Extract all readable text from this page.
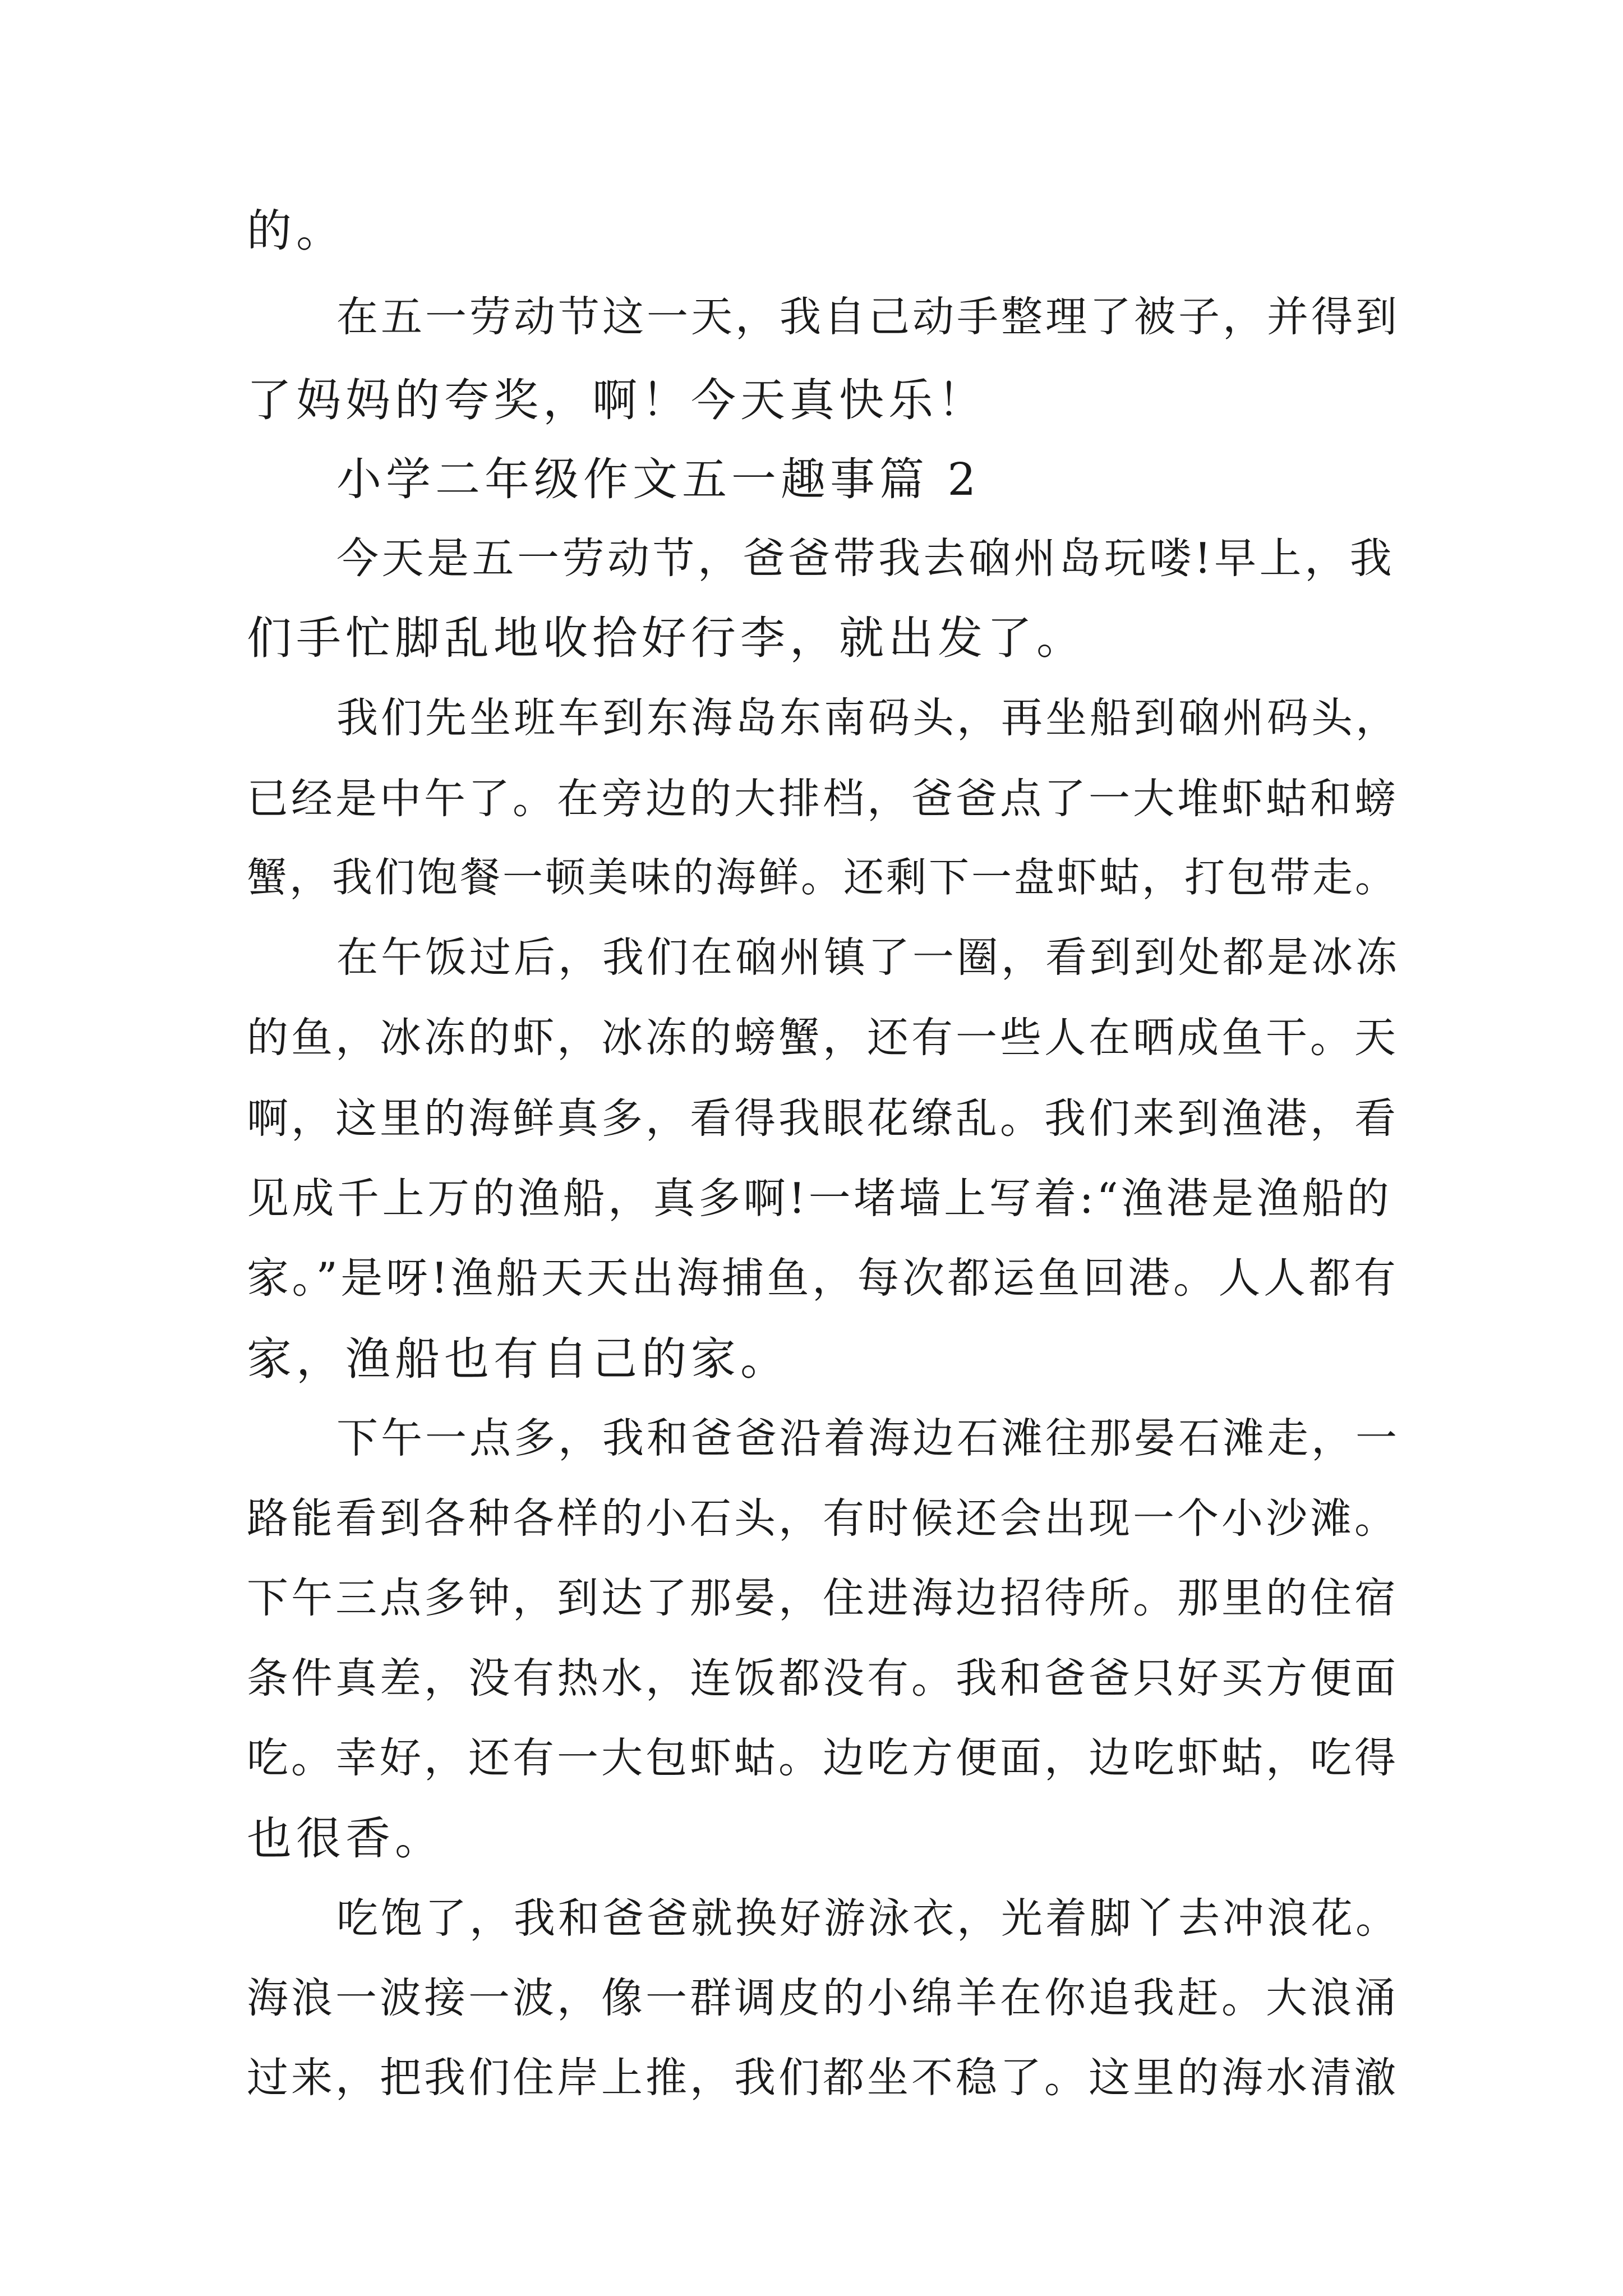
的。

在五一劳动节这一天，我自己动手整理了被子，并得到

了妈妈的夸奖，啊！今天真快乐！

小学二年级作文五一趣事篇 2

今天是五一劳动节，爸爸带我去硇州岛玩喽!早上，我

们手忙脚乱地收拾好行李，就出发了。

我们先坐班车到东海岛东南码头，再坐船到硇州码头，

已经是中午了。在旁边的大排档，爸爸点了一大堆虾蛄和螃

蟹，我们饱餐一顿美味的海鲜。还剩下一盘虾蛄，打包带走。

在午饭过后，我们在硇州镇了一圈，看到到处都是冰冻

的鱼，冰冻的虾，冰冻的螃蟹，还有一些人在晒成鱼干。天

啊，这里的海鲜真多，看得我眼花缭乱。我们来到渔港，看

见成千上万的渔船，真多啊!一堵墙上写着:“渔港是渔船的

家。”是呀!渔船天天出海捕鱼，每次都运鱼回港。人人都有

家，渔船也有自己的家。

下午一点多，我和爸爸沿着海边石滩往那晏石滩走，一

路能看到各种各样的小石头，有时候还会出现一个小沙滩。

下午三点多钟，到达了那晏，住进海边招待所。那里的住宿

条件真差，没有热水，连饭都没有。我和爸爸只好买方便面

吃。幸好，还有一大包虾蛄。边吃方便面，边吃虾蛄，吃得

也很香。

吃饱了，我和爸爸就换好游泳衣，光着脚丫去冲浪花。

海浪一波接一波，像一群调皮的小绵羊在你追我赶。大浪涌

过来，把我们住岸上推，我们都坐不稳了。这里的海水清澈
